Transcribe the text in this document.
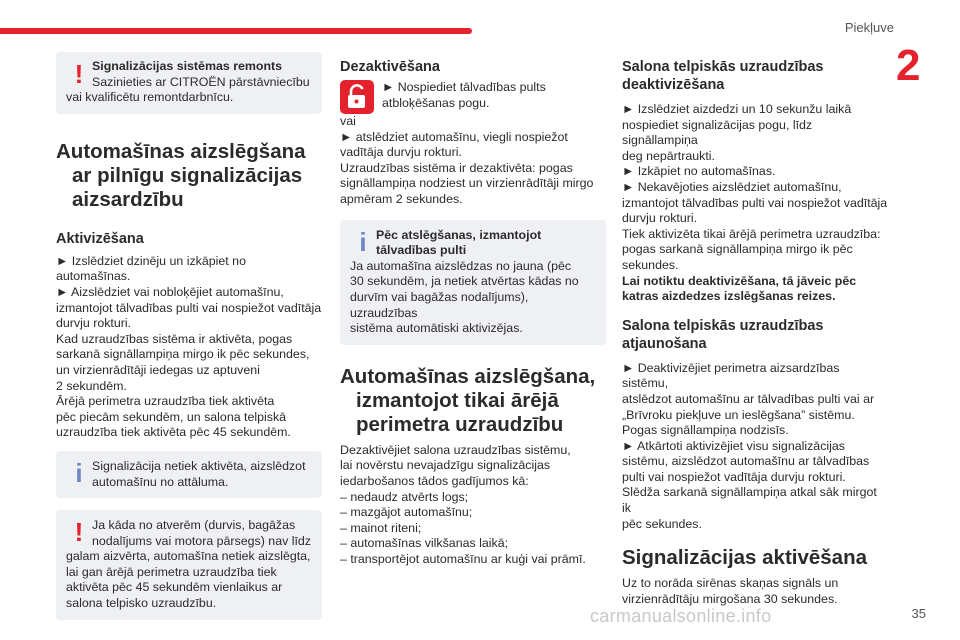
Piekļuve
2
35
carmanualsonline.info
! Signalizācijas sistēmas remonts

Sazinieties ar CITROËN pārstāvniecību

vai kvalificētu remontdarbnīcu.

Automašīnas aizslēgšana
ar pilnīgu signalizācijas
aizsardzību
Aktivizēšana

► Izslēdziet dzinēju un izkāpiet no

automašīnas.

► Aizslēdziet vai nobloķējiet automašīnu,

izmantojot tālvadības pulti vai nospiežot vadītāja

durvju rokturi.

Kad uzraudzības sistēma ir aktivēta, pogas

sarkanā signāllampiņa mirgo ik pēc sekundes,

un virzienrādītāji iedegas uz aptuveni

2 sekundēm.

Ārējā perimetra uzraudzība tiek aktivēta

pēc piecām sekundēm, un salona telpiskā

uzraudzība tiek aktivēta pēc 45 sekundēm.

i Signalizācija netiek aktivēta, aizslēdzot

automašīnu no attāluma.

! Ja kāda no atverēm (durvis, bagāžas

nodalījums vai motora pārsegs) nav līdz

galam aizvērta, automašīna netiek aizslēgta,

lai gan ārējā perimetra uzraudzība tiek

aktivēta pēc 45 sekundēm vienlaikus ar

salona telpisko uzraudzību.

Dezaktivēšana

► Nospiediet tālvadības pults

atbloķēšanas pogu.

vai

► atslēdziet automašīnu, viegli nospiežot

vadītāja durvju rokturi.

Uzraudzības sistēma ir dezaktivēta: pogas

signāllampiņa nodziest un virzienrādītāji mirgo

apmēram 2 sekundes.

i Pēc atslēgšanas, izmantojot

tālvadības pulti

Ja automašīna aizslēdzas no jauna (pēc

30 sekundēm, ja netiek atvērtas kādas no

durvīm vai bagāžas nodalījums), uzraudzības

sistēma automātiski aktivizējas.

Automašīnas aizslēgšana,
izmantojot tikai ārējā
perimetra uzraudzību

Dezaktivējiet salona uzraudzības sistēmu,

lai novērstu nevajadzīgu signalizācijas

iedarbošanos tādos gadījumos kā:

– nedaudz atvērts logs;

– mazgājot automašīnu;

– mainot riteni;

– automašīnas vilkšanas laikā;

– transportējot automašīnu ar kuģi vai prāmī.

Salona telpiskās uzraudzības
deaktivizēšana

► Izslēdziet aizdedzi un 10 sekunžu laikā

nospiediet signalizācijas pogu, līdz signāllampiņa

deg nepārtraukti.

► Izkāpiet no automašīnas.

► Nekavējoties aizslēdziet automašīnu,

izmantojot tālvadības pulti vai nospiežot vadītāja

durvju rokturi.

Tiek aktivizēta tikai ārējā perimetra uzraudzība:

pogas sarkanā signāllampiņa mirgo ik pēc

sekundes.

Lai notiktu deaktivizēšana, tā jāveic pēc

katras aizdedzes izslēgšanas reizes.

Salona telpiskās uzraudzības
atjaunošana

► Deaktivizējiet perimetra aizsardzības sistēmu,

atslēdzot automašīnu ar tālvadības pulti vai ar

„Brīvroku piekļuve un ieslēgšana” sistēmu.

Pogas signāllampiņa nodzisīs.

► Atkārtoti aktivizējiet visu signalizācijas

sistēmu, aizslēdzot automašīnu ar tālvadības

pulti vai nospiežot vadītāja durvju rokturi.

Slēdža sarkanā signāllampiņa atkal sāk mirgot ik

pēc sekundes.

Signalizācijas aktivēšana

Uz to norāda sirēnas skaņas signāls un

virzienrādītāju mirgošana 30 sekundes.
